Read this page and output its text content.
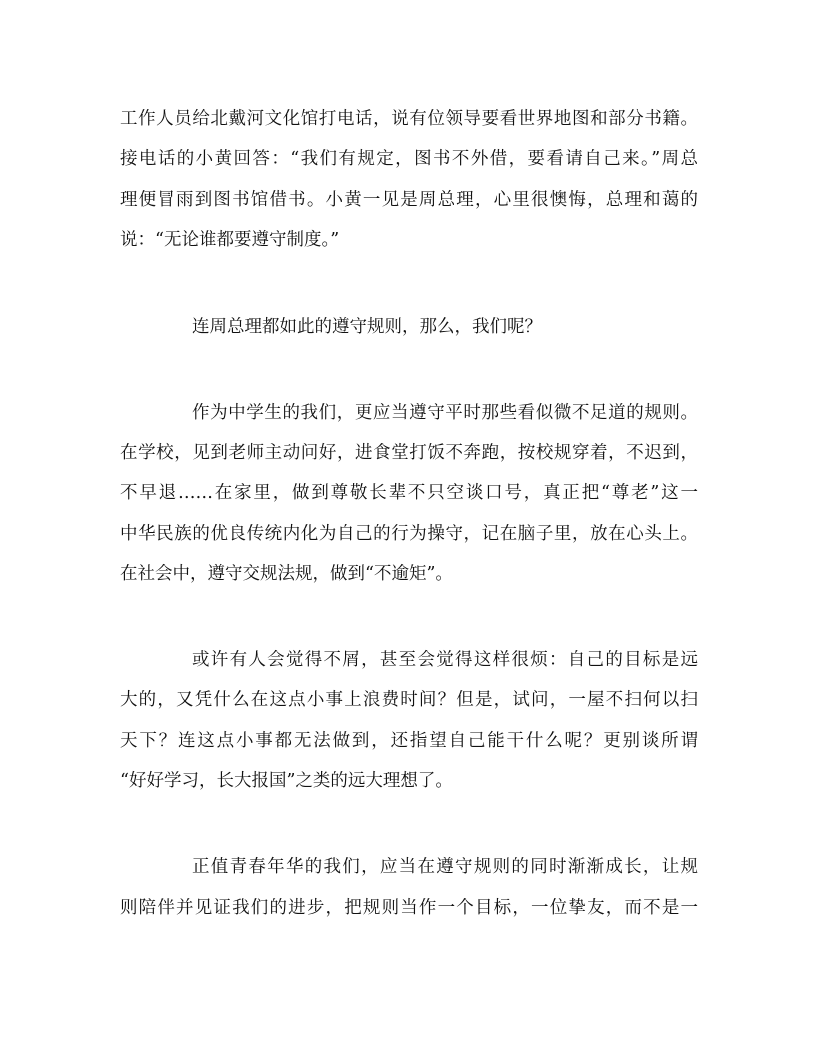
工作人员给北戴河文化馆打电话，说有位领导要看世界地图和部分书籍。
接电话的小黄回答：“我们有规定，图书不外借，要看请自己来。”周总
理便冒雨到图书馆借书。小黄一见是周总理，心里很懊悔，总理和蔼的
说：“无论谁都要遵守制度。”
连周总理都如此的遵守规则，那么，我们呢？
作为中学生的我们，更应当遵守平时那些看似微不足道的规则。
在学校，见到老师主动问好，进食堂打饭不奔跑，按校规穿着，不迟到，
不早退……在家里，做到尊敬长辈不只空谈口号，真正把“尊老”这一
中华民族的优良传统内化为自己的行为操守，记在脑子里，放在心头上。
在社会中，遵守交规法规，做到“不逾矩”。
或许有人会觉得不屑，甚至会觉得这样很烦：自己的目标是远
大的，又凭什么在这点小事上浪费时间？但是，试问，一屋不扫何以扫
天下？连这点小事都无法做到，还指望自己能干什么呢？更别谈所谓
“好好学习，长大报国”之类的远大理想了。
正值青春年华的我们，应当在遵守规则的同时渐渐成长，让规
则陪伴并见证我们的进步，把规则当作一个目标，一位挚友，而不是一
